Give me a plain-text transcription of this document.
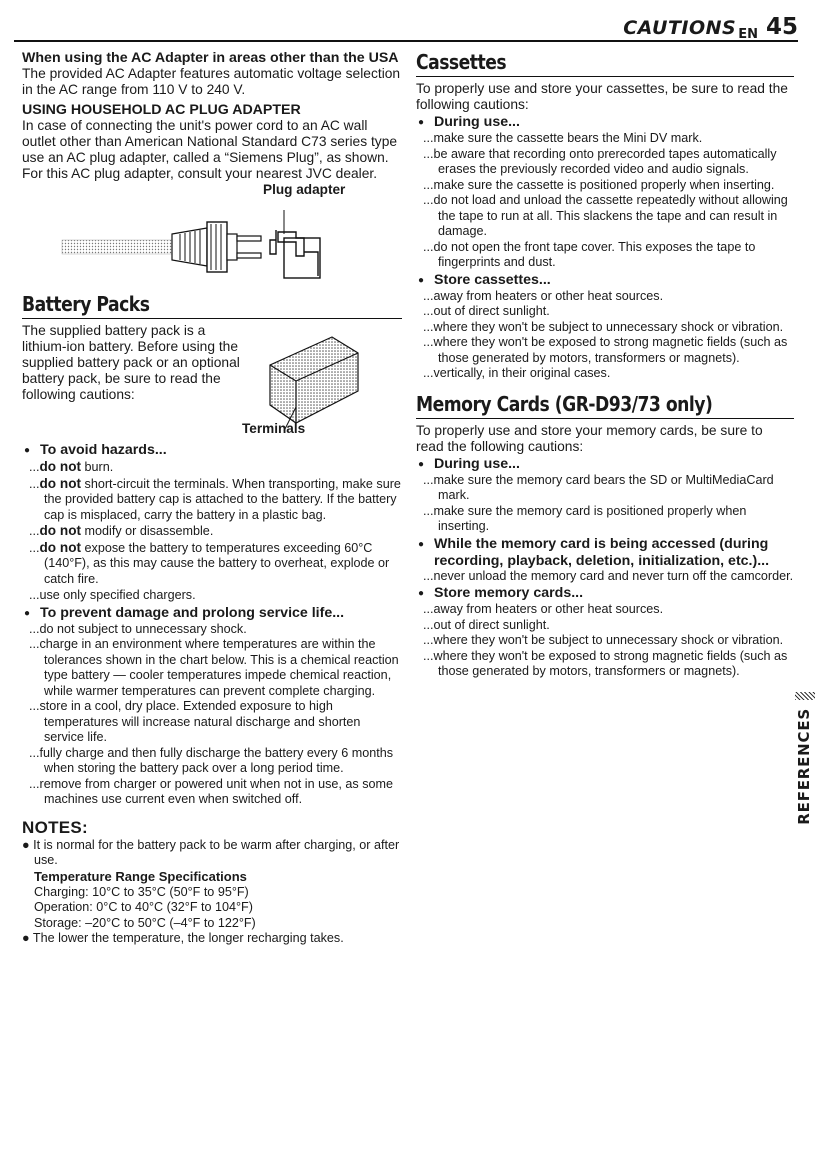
CAUTIONS $_{EN}$ 45

When using the AC Adapter in areas other than the USA

The provided AC Adapter features automatic voltage selection in the AC range from 110 V to 240 V.

USING HOUSEHOLD AC PLUG ADAPTER

In case of connecting the unit's power cord to an AC wall outlet other than American National Standard C73 series type use an AC plug adapter, called a “Siemens Plug”, as shown.

For this AC plug adapter, consult your nearest JVC dealer.

Plug adapter
Battery Packs

The supplied battery pack is a lithium-ion battery. Before using the supplied battery pack or an optional battery pack, be sure to read the following cautions:

Terminals

● To avoid hazards...

...do not burn.

...do not short-circuit the terminals. When transporting, make sure the provided battery cap is attached to the battery. If the battery cap is misplaced, carry the battery in a plastic bag.

...do not modify or disassemble.

...do not expose the battery to temperatures exceeding 60°C (140°F), as this may cause the battery to overheat, explode or catch fire.

...use only specified chargers.

● To prevent damage and prolong service life...

...do not subject to unnecessary shock.

...charge in an environment where temperatures are within the tolerances shown in the chart below. This is a chemical reaction type battery — cooler temperatures impede chemical reaction, while warmer temperatures can prevent complete charging.

...store in a cool, dry place. Extended exposure to high temperatures will increase natural discharge and shorten service life.

...fully charge and then fully discharge the battery every 6 months when storing the battery pack over a long period time.

...remove from charger or powered unit when not in use, as some machines use current even when switched off.

NOTES:

● It is normal for the battery pack to be warm after charging, or after use.

Temperature Range Specifications

Charging: 10°C to 35°C (50°F to 95°F)

Operation: 0°C to 40°C (32°F to 104°F)

Storage: –20°C to 50°C (–4°F to 122°F)

● The lower the temperature, the longer recharging takes.

Cassettes

To properly use and store your cassettes, be sure to read the following cautions:

● During use...

...make sure the cassette bears the Mini DV mark.

...be aware that recording onto prerecorded tapes automatically erases the previously recorded video and audio signals.

...make sure the cassette is positioned properly when inserting.

...do not load and unload the cassette repeatedly without allowing the tape to run at all. This slackens the tape and can result in damage.

...do not open the front tape cover. This exposes the tape to fingerprints and dust.

● Store cassettes...

...away from heaters or other heat sources.

...out of direct sunlight.

...where they won't be subject to unnecessary shock or vibration.

...where they won't be exposed to strong magnetic fields (such as those generated by motors, transformers or magnets).

...vertically, in their original cases.

Memory Cards (GR-D93/73 only)

To properly use and store your memory cards, be sure to read the following cautions:

● During use...

...make sure the memory card bears the SD or MultiMediaCard mark.

...make sure the memory card is positioned properly when inserting.

● While the memory card is being accessed (during recording, playback, deletion, initialization, etc.)...

...never unload the memory card and never turn off the camcorder.

● Store memory cards...

...away from heaters or other heat sources.

...out of direct sunlight.

...where they won't be subject to unnecessary shock or vibration.

...where they won't be exposed to strong magnetic fields (such as those generated by motors, transformers or magnets).

REFERENCES
